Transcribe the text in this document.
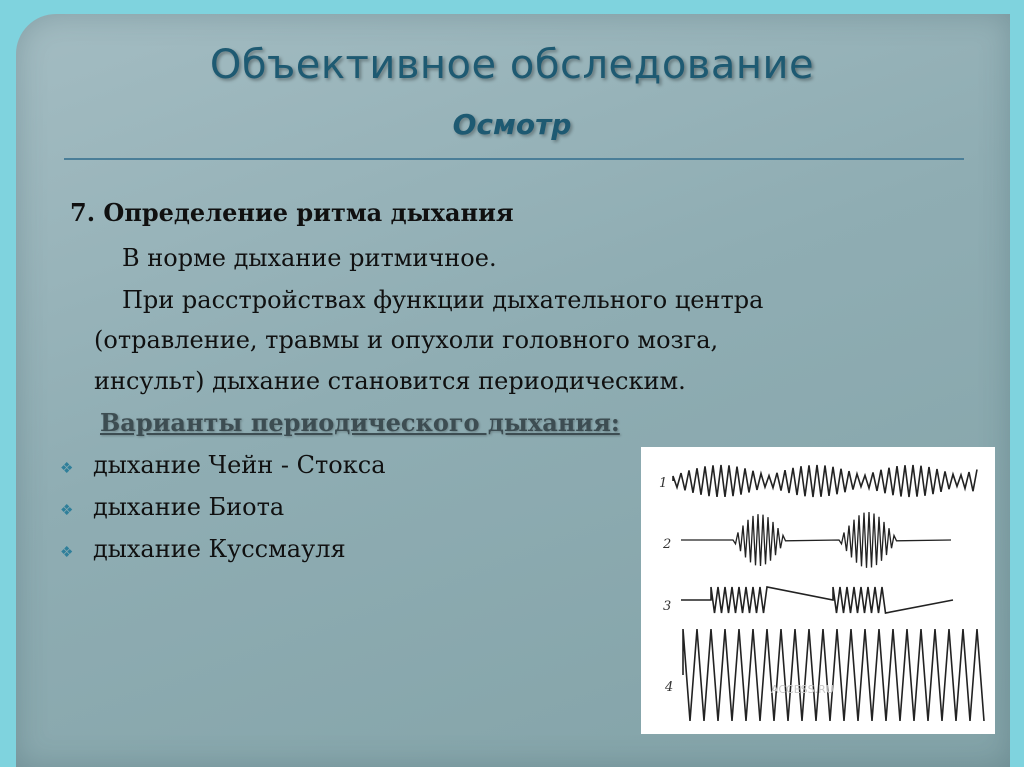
Объективное обследование
Осмотр
7. Определение ритма дыхания
В норме дыхание ритмичное.
При расстройствах функции дыхательного центра
(отравление, травмы и опухоли головного мозга,
инсульт) дыхание становится периодическим.
Варианты периодического дыхания:
❖ дыхание Чейн - Стокса
❖ дыхание Биота
❖ дыхание Куссмауля
1
2
3
4	ACCESS.RU
